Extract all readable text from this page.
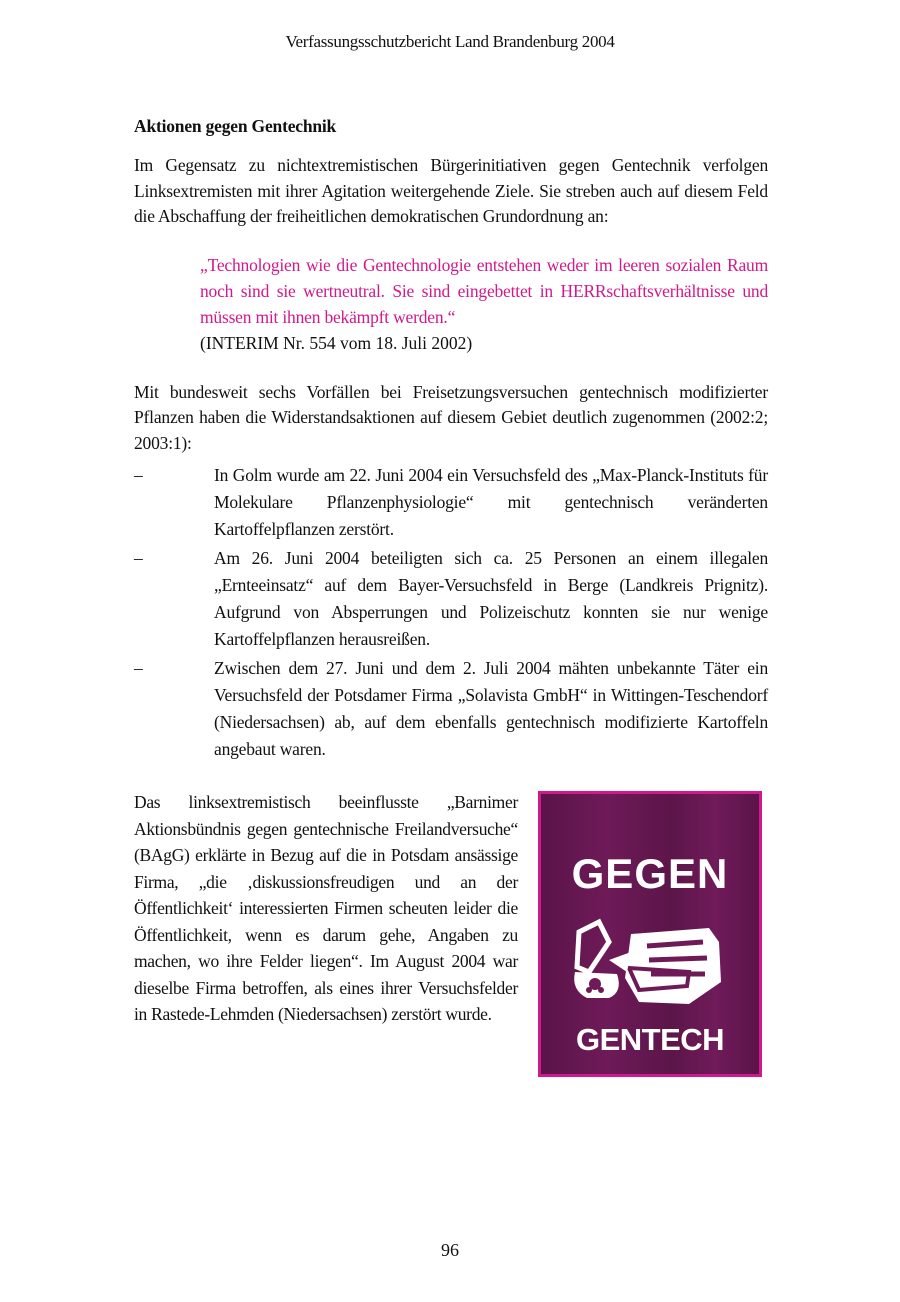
Verfassungsschutzbericht Land Brandenburg 2004
Aktionen gegen Gentechnik

Im Gegensatz zu nichtextremistischen Bürgerinitiativen gegen Gentechnik verfolgen Linksextremisten mit ihrer Agitation weitergehende Ziele. Sie streben auch auf diesem Feld die Abschaffung der freiheitlichen demokratischen Grundordnung an:

„Technologien wie die Gentechnologie entstehen weder im leeren sozialen Raum noch sind sie wertneutral. Sie sind eingebettet in HERRschaftsverhältnisse und müssen mit ihnen bekämpft werden.“
(INTERIM Nr. 554 vom 18. Juli 2002)

Mit bundesweit sechs Vorfällen bei Freisetzungsversuchen gentechnisch modifizierter Pflanzen haben die Widerstandsaktionen auf diesem Gebiet deutlich zugenommen (2002:2; 2003:1):

–	In Golm wurde am 22. Juni 2004 ein Versuchsfeld des „Max-Planck-Instituts für Molekulare Pflanzenphysiologie“ mit gentechnisch veränderten Kartoffelpflanzen zerstört.
–	Am 26. Juni 2004 beteiligten sich ca. 25 Personen an einem illegalen „Ernteeinsatz“ auf dem Bayer-Versuchsfeld in Berge (Landkreis Prignitz). Aufgrund von Absperrungen und Polizeischutz konnten sie nur wenige Kartoffelpflanzen herausreißen.
–	Zwischen dem 27. Juni und dem 2. Juli 2004 mähten unbekannte Täter ein Versuchsfeld der Potsdamer Firma „Solavista GmbH“ in Wittingen-Teschendorf (Niedersachsen) ab, auf dem ebenfalls gentechnisch modifizierte Kartoffeln angebaut waren.
Das linksextremistisch beeinflusste „Barnimer Aktionsbündnis gegen gentechnische Freilandversuche“ (BAgG) erklärte in Bezug auf die in Potsdam ansässige Firma, „die ‚diskussionsfreudigen und an der Öffentlichkeit‘ interessierten Firmen scheuten leider die Öffentlichkeit, wenn es darum gehe, Angaben zu machen, wo ihre Felder liegen“. Im August 2004 war dieselbe Firma betroffen, als eines ihrer Versuchsfelder in Rastede-Lehmden (Niedersachsen) zerstört wurde.
GEGEN
GENTECH
96
